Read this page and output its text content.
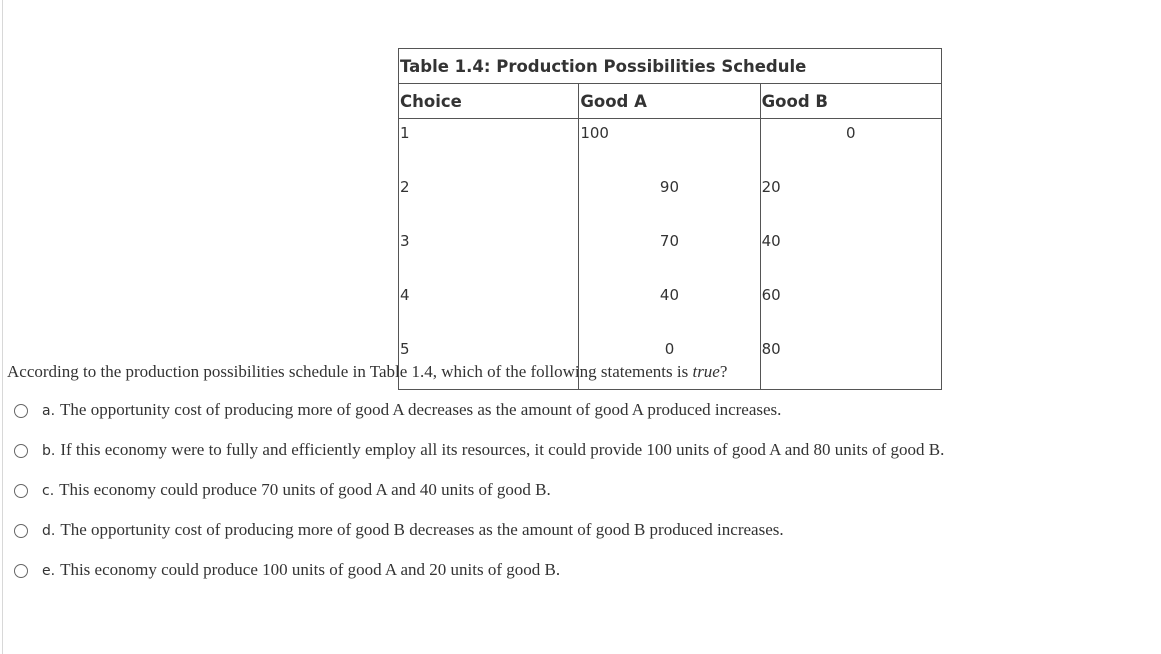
Table 1.4: Production Possibilities Schedule		
Choice	Good A	Good B
1	100	0
2	90	20
3	70	40
4	40	60
5	0	80
According to the production possibilities schedule in Table 1.4, which of the following statements is true?
a. The opportunity cost of producing more of good A decreases as the amount of good A produced increases.
b. If this economy were to fully and efficiently employ all its resources, it could provide 100 units of good A and 80 units of good B.
c. This economy could produce 70 units of good A and 40 units of good B.
d. The opportunity cost of producing more of good B decreases as the amount of good B produced increases.
e. This economy could produce 100 units of good A and 20 units of good B.
